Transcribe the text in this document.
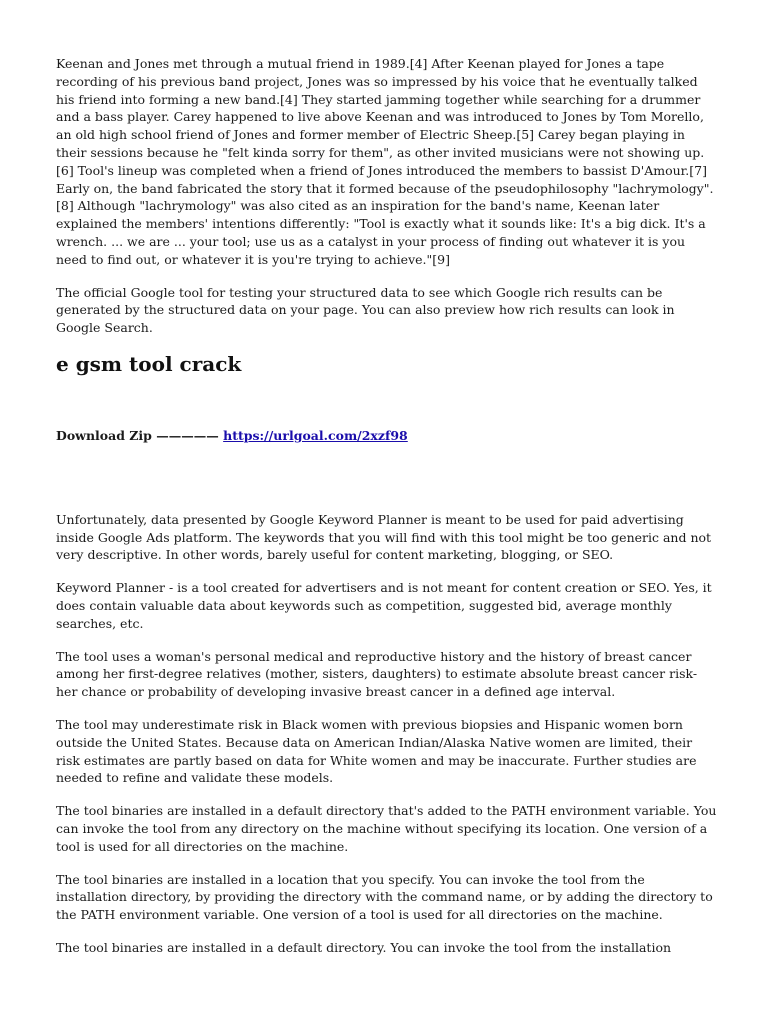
Keenan and Jones met through a mutual friend in 1989.[4] After Keenan played for Jones a tape recording of his previous band project, Jones was so impressed by his voice that he eventually talked his friend into forming a new band.[4] They started jamming together while searching for a drummer and a bass player. Carey happened to live above Keenan and was introduced to Jones by Tom Morello, an old high school friend of Jones and former member of Electric Sheep.[5] Carey began playing in their sessions because he "felt kinda sorry for them", as other invited musicians were not showing up.[6] Tool's lineup was completed when a friend of Jones introduced the members to bassist D'Amour.[7] Early on, the band fabricated the story that it formed because of the pseudophilosophy "lachrymology".[8] Although "lachrymology" was also cited as an inspiration for the band's name, Keenan later explained the members' intentions differently: "Tool is exactly what it sounds like: It's a big dick. It's a wrench. ... we are ... your tool; use us as a catalyst in your process of finding out whatever it is you need to find out, or whatever it is you're trying to achieve."[9]

The official Google tool for testing your structured data to see which Google rich results can be generated by the structured data on your page. You can also preview how rich results can look in Google Search.

e gsm tool crack
Download Zip ————— https://urlgoal.com/2xzf98

Unfortunately, data presented by Google Keyword Planner is meant to be used for paid advertising inside Google Ads platform. The keywords that you will find with this tool might be too generic and not very descriptive. In other words, barely useful for content marketing, blogging, or SEO.

Keyword Planner - is a tool created for advertisers and is not meant for content creation or SEO. Yes, it does contain valuable data about keywords such as competition, suggested bid, average monthly searches, etc.

The tool uses a woman's personal medical and reproductive history and the history of breast cancer among her first-degree relatives (mother, sisters, daughters) to estimate absolute breast cancer risk-her chance or probability of developing invasive breast cancer in a defined age interval.

The tool may underestimate risk in Black women with previous biopsies and Hispanic women born outside the United States. Because data on American Indian/Alaska Native women are limited, their risk estimates are partly based on data for White women and may be inaccurate. Further studies are needed to refine and validate these models.

The tool binaries are installed in a default directory that's added to the PATH environment variable. You can invoke the tool from any directory on the machine without specifying its location. One version of a tool is used for all directories on the machine.

The tool binaries are installed in a location that you specify. You can invoke the tool from the installation directory, by providing the directory with the command name, or by adding the directory to the PATH environment variable. One version of a tool is used for all directories on the machine.

The tool binaries are installed in a default directory. You can invoke the tool from the installation
